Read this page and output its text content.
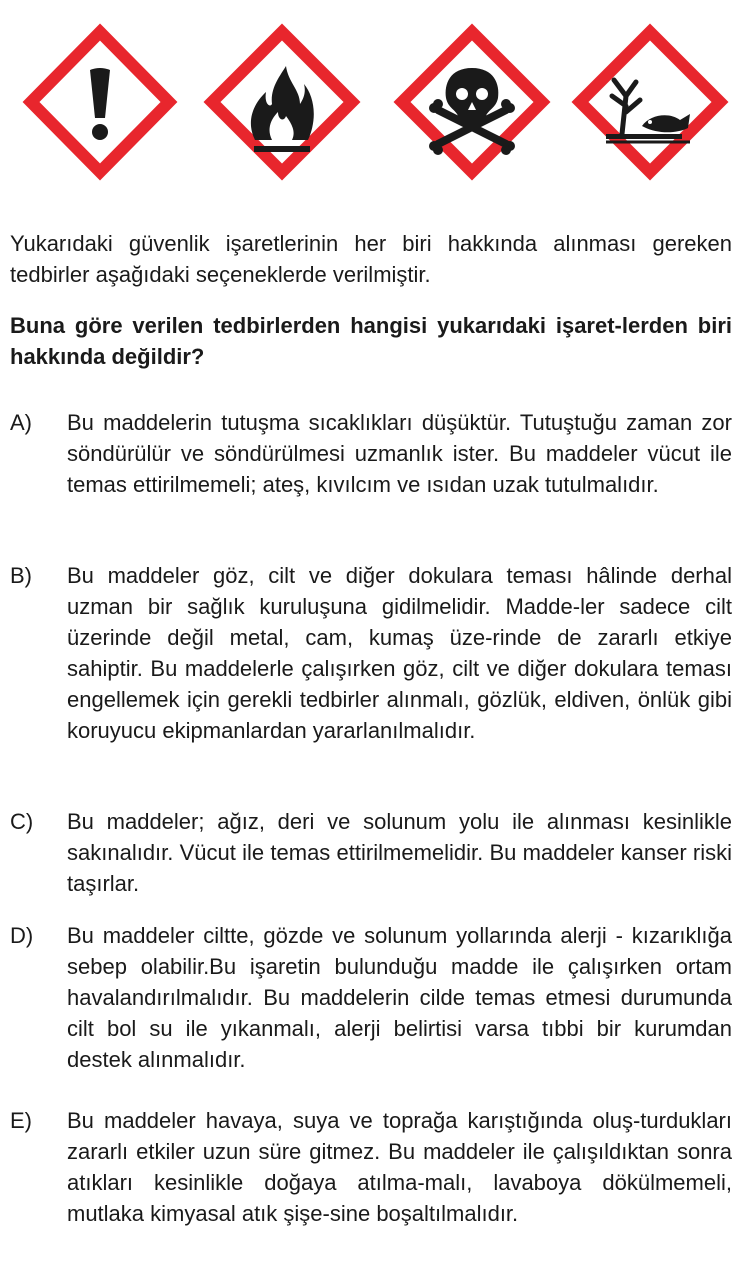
Yukarıdaki güvenlik işaretlerinin her biri hakkında alınması gereken tedbirler aşağıdaki seçeneklerde verilmiştir.

Buna göre verilen tedbirlerden hangisi yukarıdaki işaret-lerden biri hakkında değildir?

A)	Bu maddelerin tutuşma sıcaklıkları düşüktür. Tutuştuğu zaman zor söndürülür ve söndürülmesi uzmanlık ister. Bu maddeler vücut ile temas ettirilmemeli; ateş, kıvılcım ve ısıdan uzak tutulmalıdır.
B)	Bu maddeler göz, cilt ve diğer dokulara teması hâlinde derhal uzman bir sağlık kuruluşuna gidilmelidir. Madde-ler sadece cilt üzerinde değil metal, cam, kumaş üze-rinde de zararlı etkiye sahiptir. Bu maddelerle çalışırken göz, cilt ve diğer dokulara teması engellemek için gerekli tedbirler alınmalı, gözlük, eldiven, önlük gibi koruyucu ekipmanlardan yararlanılmalıdır.
C)	Bu maddeler; ağız, deri ve solunum yolu ile alınması kesinlikle sakınalıdır. Vücut ile temas ettirilmemelidir. Bu maddeler kanser riski taşırlar.
D)	Bu maddeler ciltte, gözde ve solunum yollarında alerji - kızarıklığa sebep olabilir.Bu işaretin bulunduğu madde ile çalışırken ortam havalandırılmalıdır. Bu maddelerin cilde temas etmesi durumunda cilt bol su ile yıkanmalı, alerji belirtisi varsa tıbbi bir kurumdan destek alınmalıdır.
E)	Bu maddeler havaya, suya ve toprağa karıştığında oluş-turdukları zararlı etkiler uzun süre gitmez. Bu maddeler ile çalışıldıktan sonra atıkları kesinlikle doğaya atılma-malı, lavaboya dökülmemeli, mutlaka kimyasal atık şişe-sine boşaltılmalıdır.
